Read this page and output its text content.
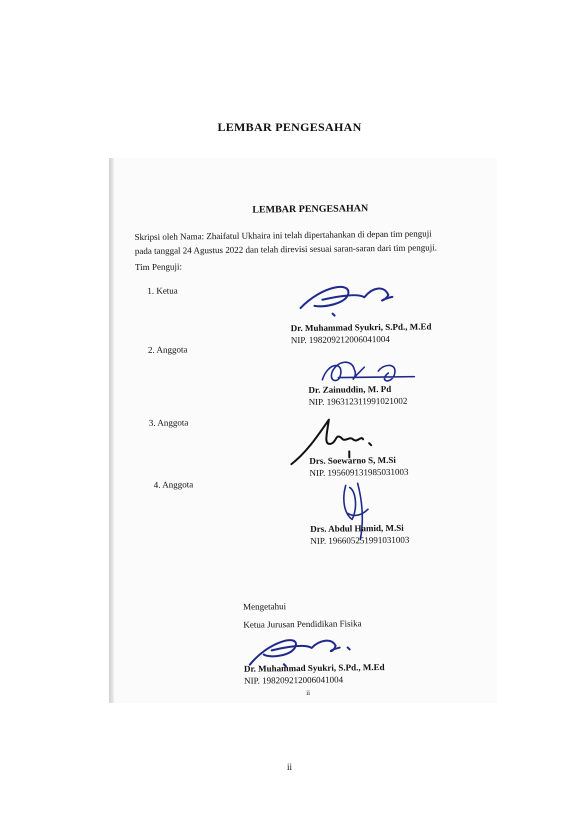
LEMBAR PENGESAHAN
LEMBAR PENGESAHAN
Skripsi oleh Nama: Zhaifatul Ukhaira ini telah dipertahankan di depan tim penguji
pada tanggal 24 Agustus 2022 dan telah direvisi sesuai saran-saran dari tim penguji.
Tim Penguji:
1. Ketua
Dr. Muhammad Syukri, S.Pd., M.Ed
NIP. 198209212006041004
2. Anggota
Dr. Zainuddin, M. Pd
NIP. 196312311991021002
3. Anggota
Drs. Soewarno S, M.Si
NIP. 195609131985031003
4. Anggota
Drs. Abdul Hamid, M.Si
NIP. 196605251991031003
Mengetahui
Ketua Jurusan Pendidikan Fisika
Dr. Muhammad Syukri, S.Pd., M.Ed
NIP. 198209212006041004
ii
ii
